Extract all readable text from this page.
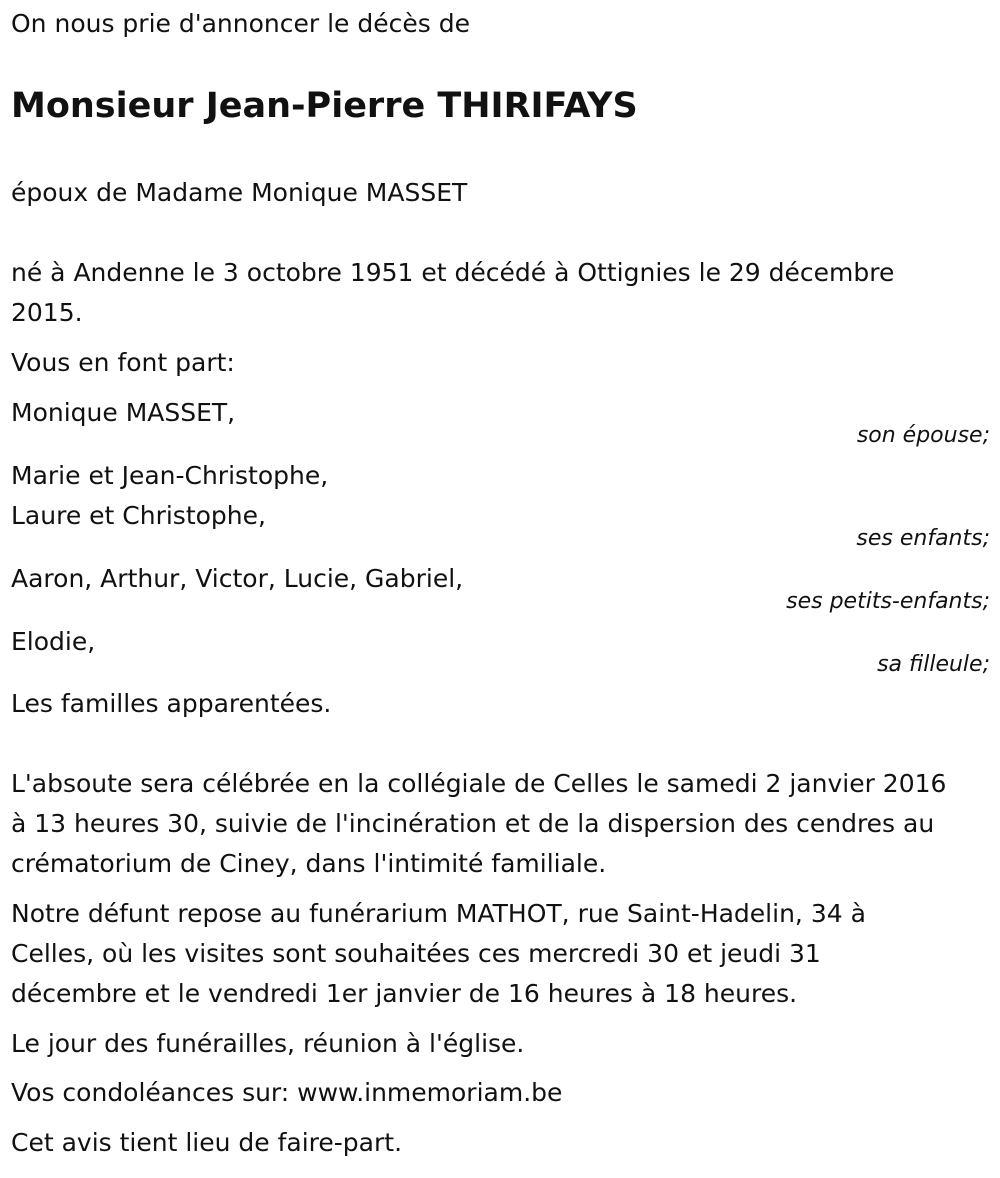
On nous prie d'annoncer le décès de

Monsieur Jean-Pierre THIRIFAYS

époux de Madame Monique MASSET

né à Andenne le 3 octobre 1951 et décédé à Ottignies le 29 décembre

2015.

Vous en font part:

Monique MASSET,

son épouse;

Marie et Jean-Christophe,

Laure et Christophe,

ses enfants;

Aaron, Arthur, Victor, Lucie, Gabriel,

ses petits-enfants;

Elodie,

sa filleule;

Les familles apparentées.

L'absoute sera célébrée en la collégiale de Celles le samedi 2 janvier 2016

à 13 heures 30, suivie de l'incinération et de la dispersion des cendres au

crématorium de Ciney, dans l'intimité familiale.

Notre défunt repose au funérarium MATHOT, rue Saint-Hadelin, 34 à

Celles, où les visites sont souhaitées ces mercredi 30 et jeudi 31

décembre et le vendredi 1er janvier de 16 heures à 18 heures.

Le jour des funérailles, réunion à l'église.

Vos condoléances sur: www.inmemoriam.be

Cet avis tient lieu de faire-part.
